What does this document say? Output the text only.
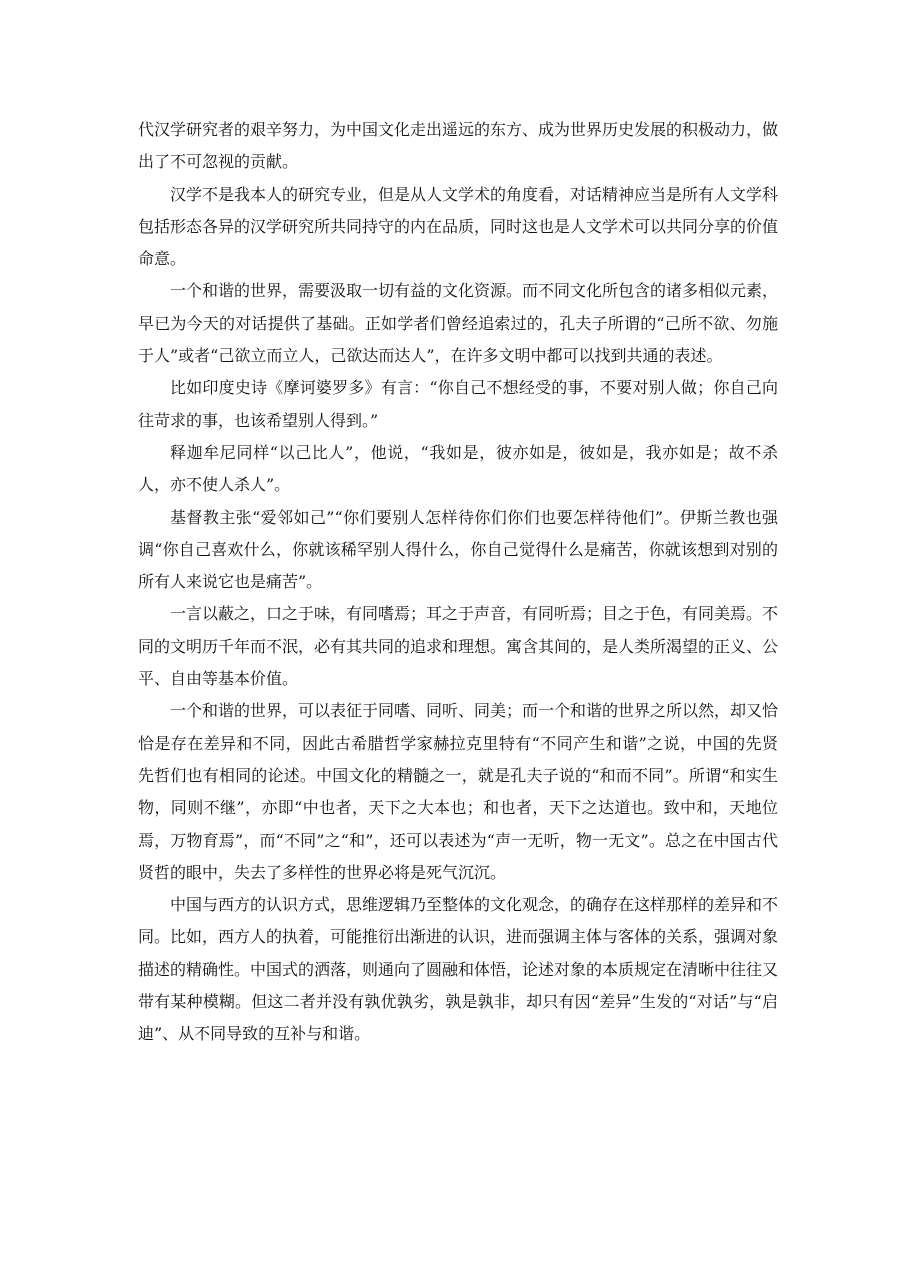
代汉学研究者的艰辛努力，为中国文化走出遥远的东方、成为世界历史发展的积极动力，做出了不可忽视的贡献。

汉学不是我本人的研究专业，但是从人文学术的角度看，对话精神应当是所有人文学科包括形态各异的汉学研究所共同持守的内在品质，同时这也是人文学术可以共同分享的价值命意。

一个和谐的世界，需要汲取一切有益的文化资源。而不同文化所包含的诸多相似元素，早已为今天的对话提供了基础。正如学者们曾经追索过的，孔夫子所谓的“己所不欲、勿施于人”或者“己欲立而立人，己欲达而达人”，在许多文明中都可以找到共通的表述。

比如印度史诗《摩诃婆罗多》有言：“你自己不想经受的事，不要对别人做；你自己向往苛求的事，也该希望别人得到。”

释迦牟尼同样“以己比人”，他说，“我如是，彼亦如是，彼如是，我亦如是；故不杀人，亦不使人杀人”。

基督教主张“爱邻如己”“你们要别人怎样待你们你们也要怎样待他们”。伊斯兰教也强调“你自己喜欢什么，你就该稀罕别人得什么，你自己觉得什么是痛苦，你就该想到对别的所有人来说它也是痛苦”。

一言以蔽之，口之于味，有同嗜焉；耳之于声音，有同听焉；目之于色，有同美焉。不同的文明历千年而不泯，必有其共同的追求和理想。寓含其间的，是人类所渴望的正义、公平、自由等基本价值。

一个和谐的世界，可以表征于同嗜、同听、同美；而一个和谐的世界之所以然，却又恰恰是存在差异和不同，因此古希腊哲学家赫拉克里特有“不同产生和谐”之说，中国的先贤先哲们也有相同的论述。中国文化的精髓之一，就是孔夫子说的“和而不同”。所谓“和实生物，同则不继”，亦即“中也者，天下之大本也；和也者，天下之达道也。致中和，天地位焉，万物育焉”，而“不同”之“和”，还可以表述为“声一无听，物一无文”。总之在中国古代贤哲的眼中，失去了多样性的世界必将是死气沉沉。

中国与西方的认识方式，思维逻辑乃至整体的文化观念，的确存在这样那样的差异和不同。比如，西方人的执着，可能推衍出渐进的认识，进而强调主体与客体的关系，强调对象描述的精确性。中国式的洒落，则通向了圆融和体悟，论述对象的本质规定在清晰中往往又带有某种模糊。但这二者并没有孰优孰劣，孰是孰非，却只有因“差异”生发的“对话”与“启迪”、从不同导致的互补与和谐。
